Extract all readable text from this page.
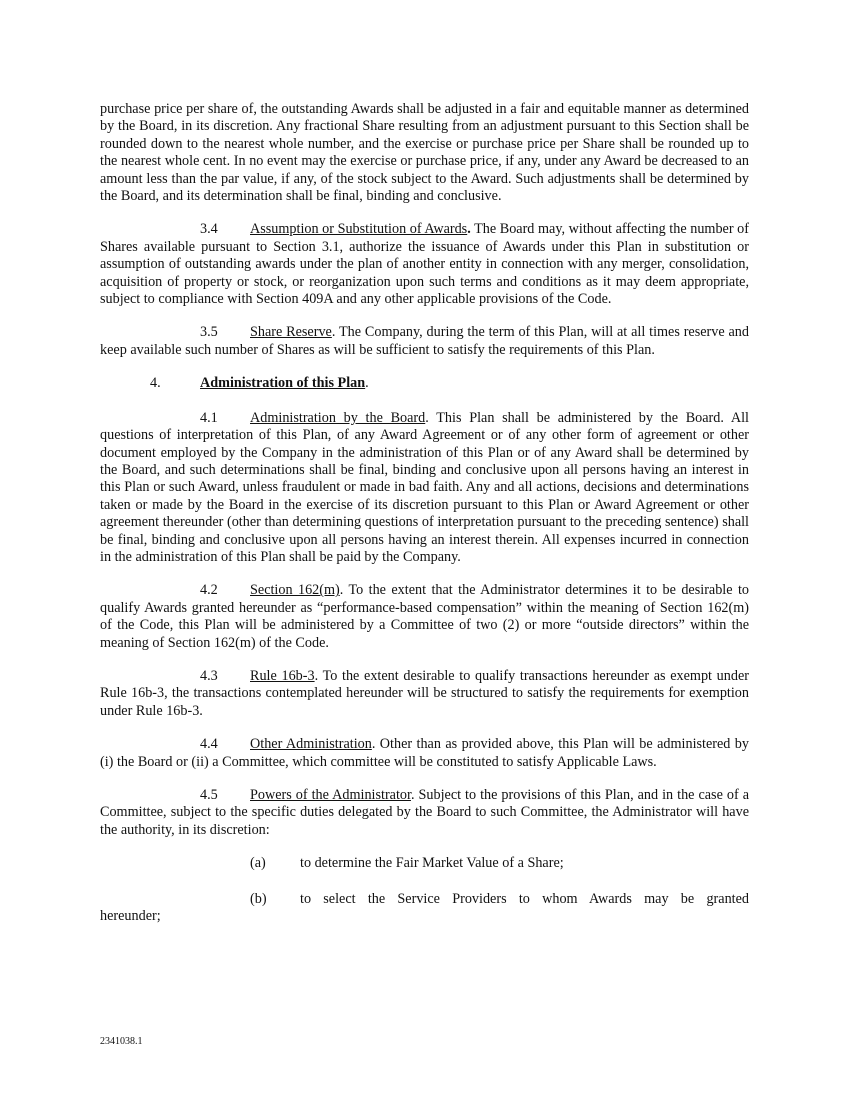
purchase price per share of, the outstanding Awards shall be adjusted in a fair and equitable manner as determined by the Board, in its discretion. Any fractional Share resulting from an adjustment pursuant to this Section shall be rounded down to the nearest whole number, and the exercise or purchase price per Share shall be rounded up to the nearest whole cent. In no event may the exercise or purchase price, if any, under any Award be decreased to an amount less than the par value, if any, of the stock subject to the Award. Such adjustments shall be determined by the Board, and its determination shall be final, binding and conclusive.

3.4 Assumption or Substitution of Awards. The Board may, without affecting the number of Shares available pursuant to Section 3.1, authorize the issuance of Awards under this Plan in substitution or assumption of outstanding awards under the plan of another entity in connection with any merger, consolidation, acquisition of property or stock, or reorganization upon such terms and conditions as it may deem appropriate, subject to compliance with Section 409A and any other applicable provisions of the Code.

3.5 Share Reserve. The Company, during the term of this Plan, will at all times reserve and keep available such number of Shares as will be sufficient to satisfy the requirements of this Plan.

4.	Administration of this Plan.

4.1 Administration by the Board. This Plan shall be administered by the Board. All questions of interpretation of this Plan, of any Award Agreement or of any other form of agreement or other document employed by the Company in the administration of this Plan or of any Award shall be determined by the Board, and such determinations shall be final, binding and conclusive upon all persons having an interest in this Plan or such Award, unless fraudulent or made in bad faith. Any and all actions, decisions and determinations taken or made by the Board in the exercise of its discretion pursuant to this Plan or Award Agreement or other agreement thereunder (other than determining questions of interpretation pursuant to the preceding sentence) shall be final, binding and conclusive upon all persons having an interest therein. All expenses incurred in connection in the administration of this Plan shall be paid by the Company.

4.2 Section 162(m). To the extent that the Administrator determines it to be desirable to qualify Awards granted hereunder as “performance-based compensation” within the meaning of Section 162(m) of the Code, this Plan will be administered by a Committee of two (2) or more “outside directors” within the meaning of Section 162(m) of the Code.

4.3 Rule 16b-3. To the extent desirable to qualify transactions hereunder as exempt under Rule 16b-3, the transactions contemplated hereunder will be structured to satisfy the requirements for exemption under Rule 16b-3.

4.4 Other Administration. Other than as provided above, this Plan will be administered by (i) the Board or (ii) a Committee, which committee will be constituted to satisfy Applicable Laws.

4.5 Powers of the Administrator. Subject to the provisions of this Plan, and in the case of a Committee, subject to the specific duties delegated by the Board to such Committee, the Administrator will have the authority, in its discretion:

(a) to determine the Fair Market Value of a Share;

(b) to select the Service Providers to whom Awards may be granted
hereunder;
2341038.1
